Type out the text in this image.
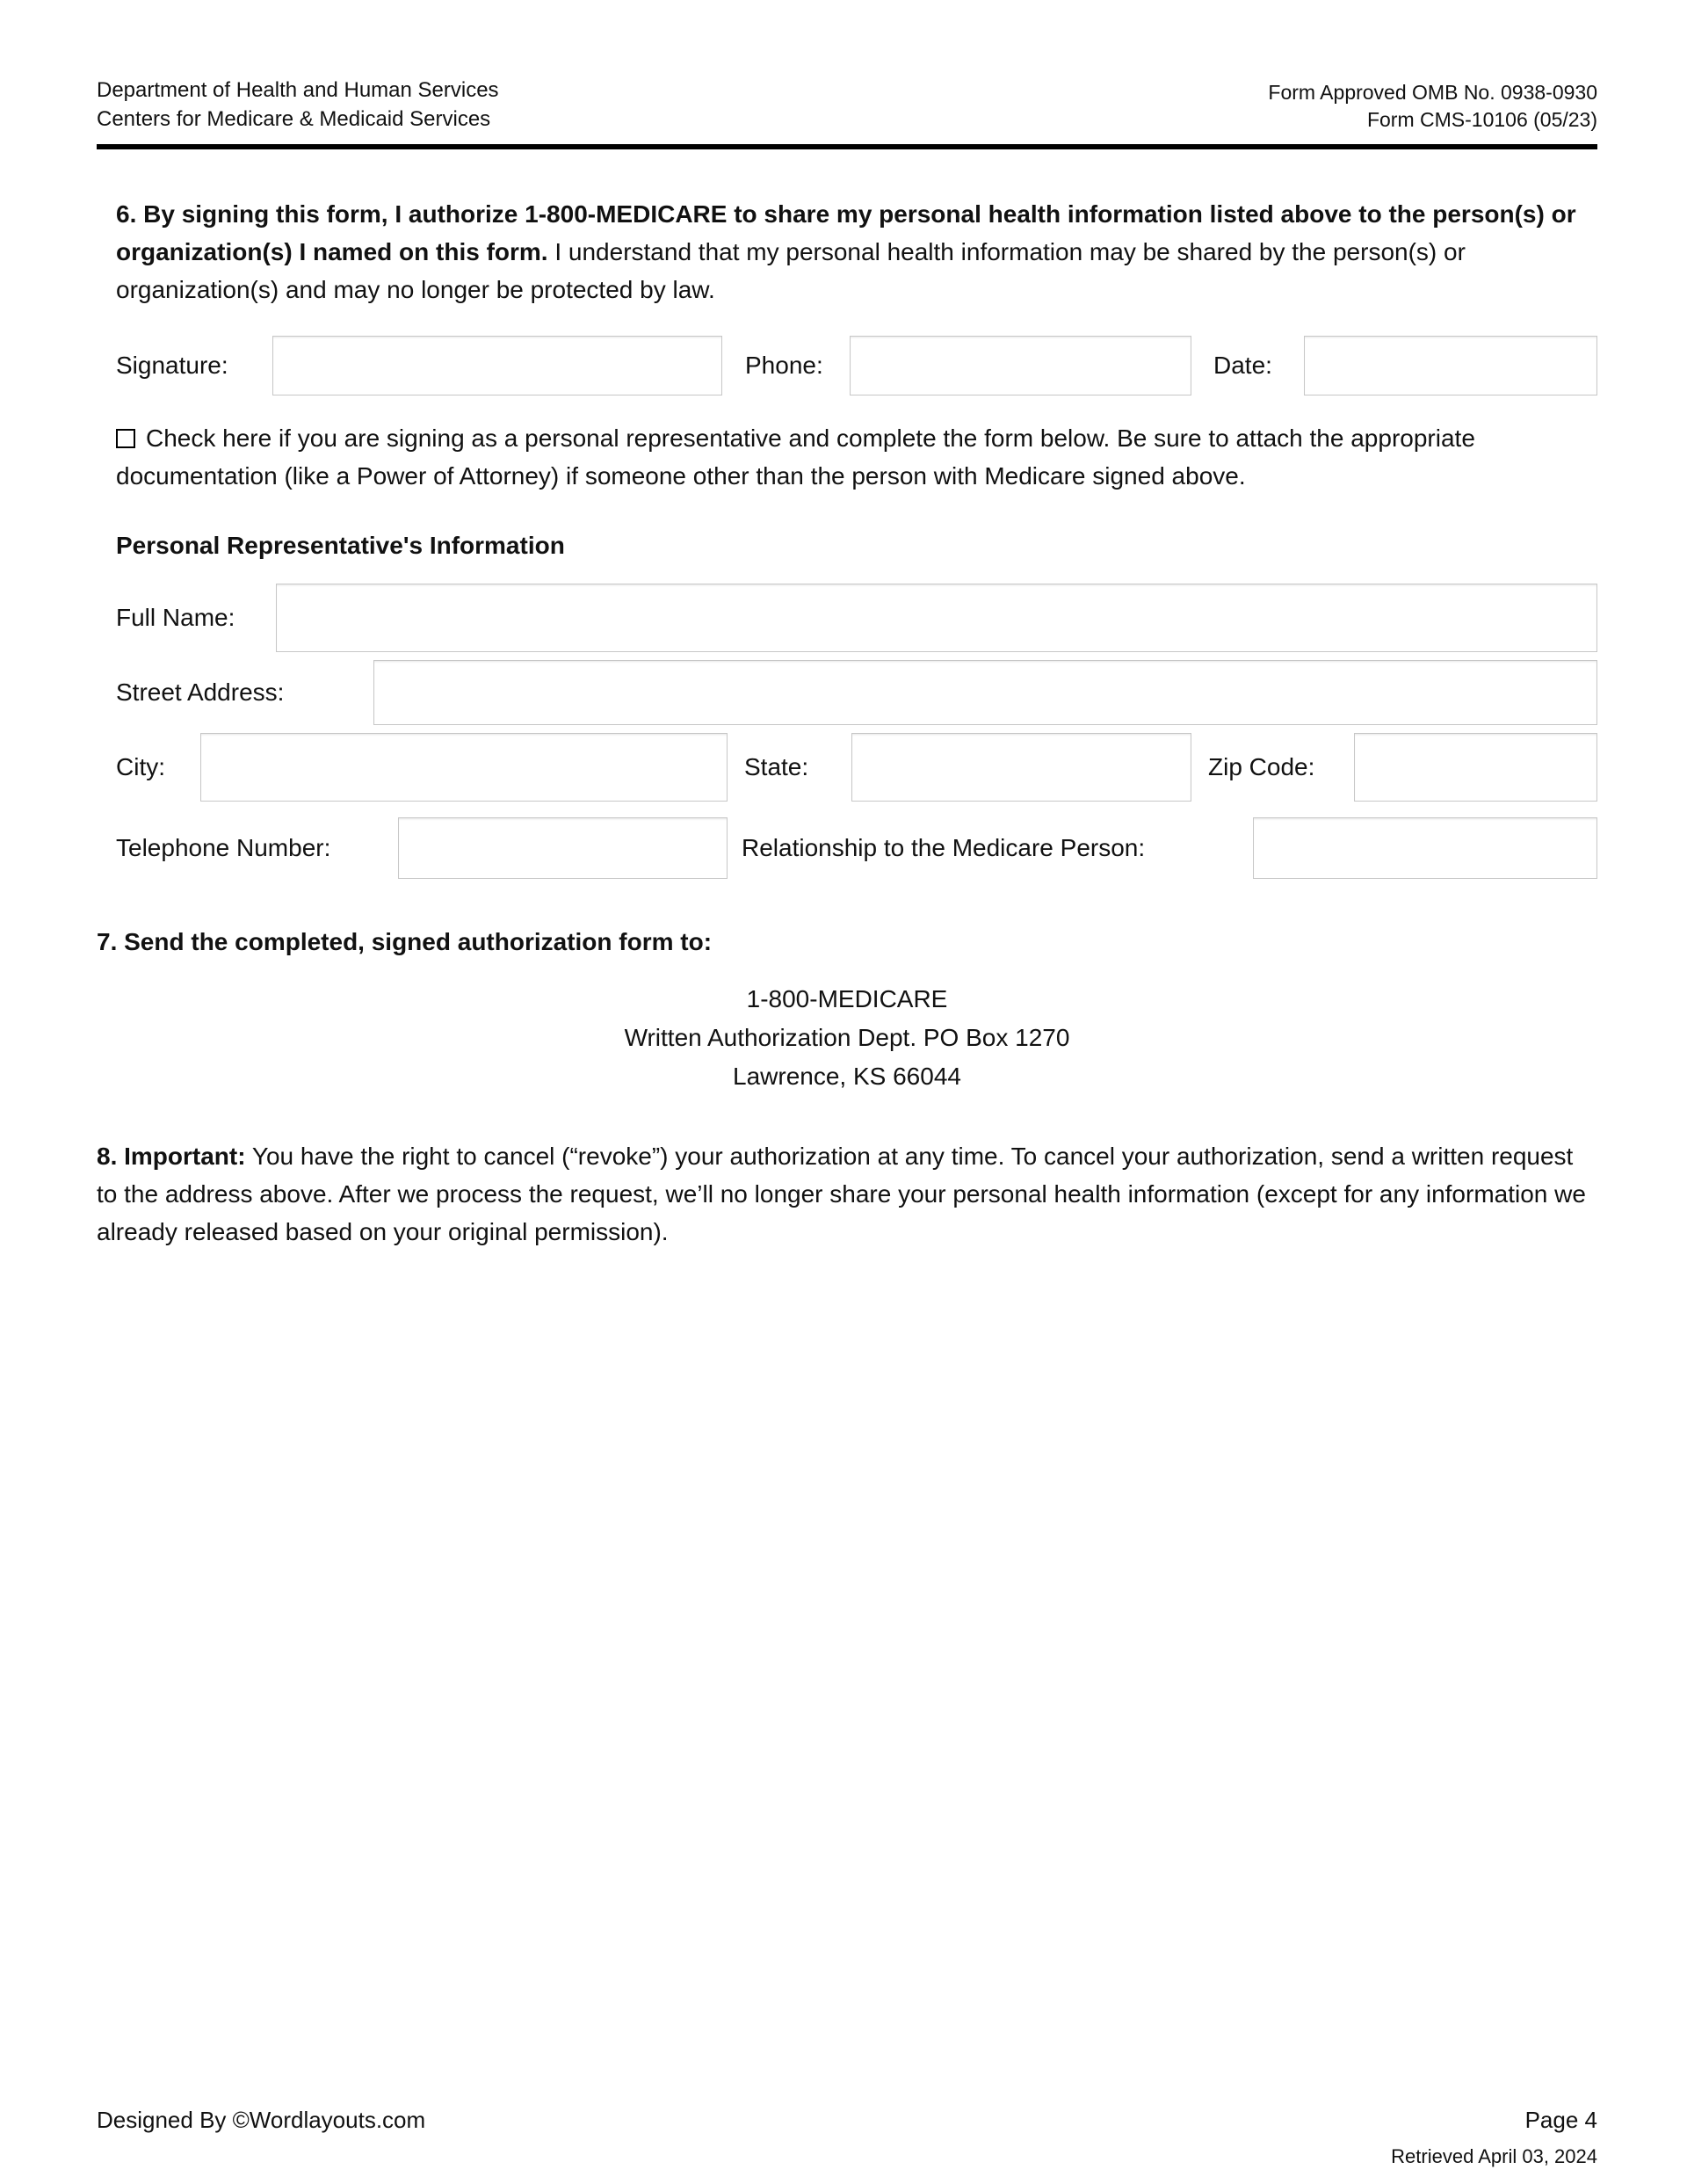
Department of Health and Human Services
Centers for Medicare & Medicaid Services
Form Approved OMB No. 0938-0930
Form CMS-10106 (05/23)

6. By signing this form, I authorize 1-800-MEDICARE to share my personal health information listed above to the person(s) or organization(s) I named on this form. I understand that my personal health information may be shared by the person(s) or organization(s) and may no longer be protected by law.

Signature:	Phone:	Date:

Check here if you are signing as a personal representative and complete the form below. Be sure to attach the appropriate documentation (like a Power of Attorney) if someone other than the person with Medicare signed above.

Personal Representative's Information
Full Name:
Street Address:
City:	State:	Zip Code:
Telephone Number:	Relationship to the Medicare Person:
7. Send the completed, signed authorization form to:
1-800-MEDICARE
Written Authorization Dept. PO Box 1270
Lawrence, KS 66044

8. Important: You have the right to cancel (“revoke”) your authorization at any time. To cancel your authorization, send a written request to the address above. After we process the request, we’ll no longer share your personal health information (except for any information we already released based on your original permission).

Designed By ©Wordlayouts.com	Page 4
Retrieved April 03, 2024
